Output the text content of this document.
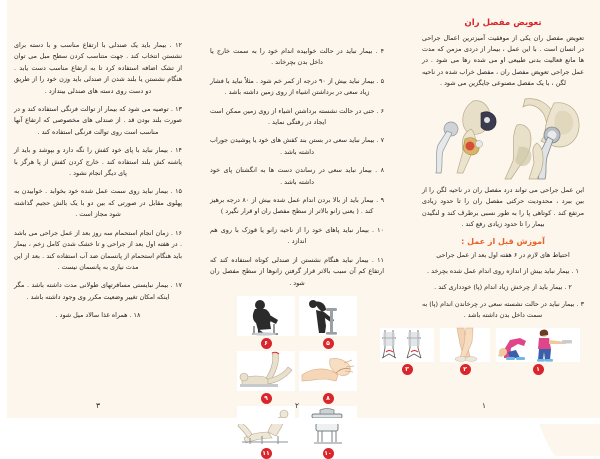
تعویض مفصل ران
تعویض مفصل ران یکی از موفقیت آمیزترین اعمال جراحی در انسان است . با این عمل ، بیمار از دردی مزمن که مدت ها مانع فعالیت بدنی طبیعی او می شده رها می شود . در عمل جراحی تعویض مفصل ران ، مفصل خراب شده در ناحیه لگن ، با یک مفصل مصنوعی جایگزین می شود .
این عمل جراحی می تواند درد مفصل ران در ناحیه لگن را از بین ببرد ، محدودیت حرکتی مفصل ران را تا حدود زیادی مرتفع کند . کوتاهی پا را به طور نسبی برطرف کند و لنگیدن بیمار را تا حدود زیادی رفع کند .
آموزش قبل از عمل :
احتیاط های لازم در ۶ هفته اول بعد از عمل جراحی
۱ . بیمار نباید بیش از اندازه روی اندام عمل شده بچرخد .
۲ . بیمار باید از چرخش زیاد اندام (پا) خودداری کند .
۳ . بیمار نباید در حالت نشسته سعی در چرخاندن اندام (پا) به سمت داخل بدن داشته باشد .
۱
۲
۳
۱
۴ . بیمار نباید در حالت خوابیده اندام خود را به سمت خارج یا داخل بدن بچرخاند .
۵ . بیمار نباید بیش از ۹۰ درجه از کمر خم شود . مثلاً نباید با فشار زیاد سعی در برداشتن اشیاء از روی زمین داشته باشد .
۶ . حتی در حالت نشسته برداشتن اشیاء از روی زمین ممکن است ایجاد در رفتگی نماید .
۷ . بیمار نباید سعی در بستن بند کفش های خود یا پوشیدن جوراب داشته باشد .
۸ . بیمار نباید سعی در رساندن دست ها به انگشتان پای خود داشته باشد .
۹ . بیمار باید از بالا بردن اندام عمل شده بیش از ۸۰ درجه برهیز کند . ( یعنی زانو بالاتر از سطح مفصل ران او قرار نگیرد )
۱۰ . بیمار نباید پاهای خود را از ناحیه زانو یا قوزک با روی هم اندازد .
۱۱ . بیمار نباید هنگام نشستن از صندلی کوتاه استفاده کند که ارتفاع کم آن سبب بالاتر قرار گرفتن زانوها از سطح مفصل ران شود .
۵
۶
۸
۹
۱۰
۱۱
۲
۱۲ . بیمار باید یک صندلی با ارتفاع مناسب و با دسته برای نشستن انتخاب کند . جهت متناسب کردن سطح مبل می توان از تشک اضافه استفاده کرد تا به ارتفاع مناسب دست یابد . هنگام نشستن یا بلند شدن از صندلی باید وزن خود را از طریق دو دست روی دسته های صندلی بیندازد .
۱۳ . توصیه می شود که بیمار از توالت فرنگی استفاده کند و در صورت بلند بودن قد . از صندلی های مخصوصی که ارتفاع آنها مناسب است روی توالت فرنگی استفاده کند .
۱۴ . بیمار نباید با پای خود کفش را نگه دارد و بپوشد و باید از پاشنه کش بلند استفاده کند . خارج کردن کفش از پا هرگز با پای دیگر انجام نشود .
۱۵ . بیمار نباید روی سمت عمل شده خود بخوابد . خوابیدن به پهلوی مقابل در صورتی که بین دو با یک بالش حجیم گذاشته شود مجاز است .
۱۶ . زمان انجام استحمام سه روز بعد از عمل جراحی می باشد . در هفته اول بعد از جراحی و تا خشک شدن کامل زخم ، بیمار باید هنگام استحمام از پانسمان ضد آب استفاده کند . بعد از این مدت نیازی به پانسمان نیست .
۱۷ . بیمار نبایستی مسافرتهای طولانی مدت داشته باشد . مگر اینکه امکان تغییر وضعیت مکرر وی وجود داشته باشد .
۱۸ . همراه غذا سالاد میل شود .
۳
